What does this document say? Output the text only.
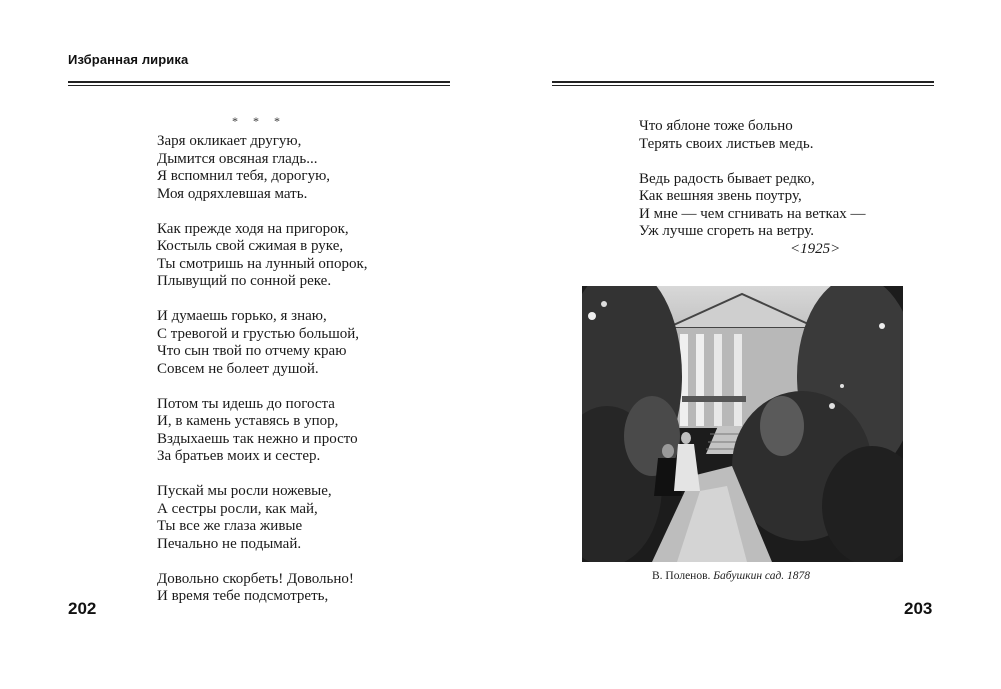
Избранная лирика
* * *
Заря окликает другую,
Дымится овсяная гладь...
Я вспомнил тебя, дорогую,
Моя одряхлевшая мать.
Как прежде ходя на пригорок,
Костыль свой сжимая в руке,
Ты смотришь на лунный опорок,
Плывущий по сонной реке.
И думаешь горько, я знаю,
С тревогой и грустью большой,
Что сын твой по отчему краю
Совсем не болеет душой.
Потом ты идешь до погоста
И, в камень уставясь в упор,
Вздыхаешь так нежно и просто
За братьев моих и сестер.
Пускай мы росли ножевые,
А сестры росли, как май,
Ты все же глаза живые
Печально не подымай.
Довольно скорбеть! Довольно!
И время тебе подсмотреть,
202
Что яблоне тоже больно
Терять своих листьев медь.
Ведь радость бывает редко,
Как вешняя звень поутру,
И мне — чем сгнивать на ветках —
Уж лучше сгореть на ветру.
<1925>
В. Поленов. Бабушкин сад. 1878
203
